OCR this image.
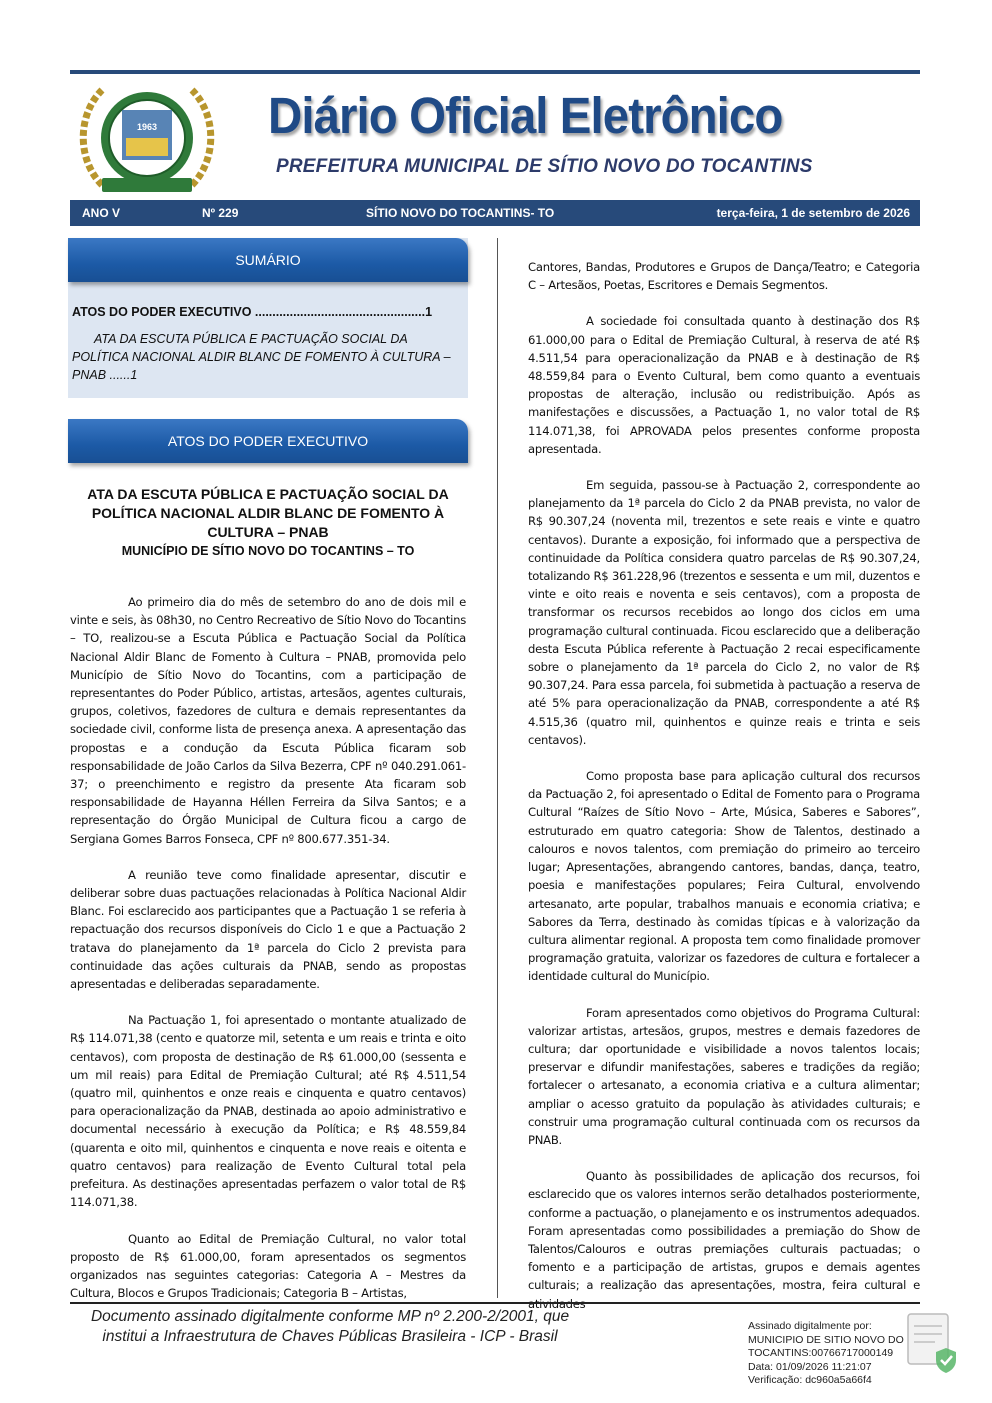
1963 Diário Oficial Eletrônico
PREFEITURA MUNICIPAL DE SÍTIO NOVO DO TOCANTINS
ANO V	Nº 229	SÍTIO NOVO DO TOCANTINS- TO	terça-feira, 1 de setembro de 2026
SUMÁRIO
ATOS DO PODER EXECUTIVO .................................................1
ATA DA ESCUTA PÚBLICA E PACTUAÇÃO SOCIAL DA POLÍTICA NACIONAL ALDIR BLANC DE FOMENTO À CULTURA – PNAB ......1
ATOS DO PODER EXECUTIVO
ATA DA ESCUTA PÚBLICA E PACTUAÇÃO SOCIAL DA POLÍTICA NACIONAL ALDIR BLANC DE FOMENTO À CULTURA – PNAB
MUNICÍPIO DE SÍTIO NOVO DO TOCANTINS – TO

Ao primeiro dia do mês de setembro do ano de dois mil e vinte e seis, às 08h30, no Centro Recreativo de Sítio Novo do Tocantins – TO, realizou-se a Escuta Pública e Pactuação Social da Política Nacional Aldir Blanc de Fomento à Cultura – PNAB, promovida pelo Município de Sítio Novo do Tocantins, com a participação de representantes do Poder Público, artistas, artesãos, agentes culturais, grupos, coletivos, fazedores de cultura e demais representantes da sociedade civil, conforme lista de presença anexa. A apresentação das propostas e a condução da Escuta Pública ficaram sob responsabilidade de João Carlos da Silva Bezerra, CPF nº 040.291.061-37; o preenchimento e registro da presente Ata ficaram sob responsabilidade de Hayanna Héllen Ferreira da Silva Santos; e a representação do Órgão Municipal de Cultura ficou a cargo de Sergiana Gomes Barros Fonseca, CPF nº 800.677.351-34.

A reunião teve como finalidade apresentar, discutir e deliberar sobre duas pactuações relacionadas à Política Nacional Aldir Blanc. Foi esclarecido aos participantes que a Pactuação 1 se referia à repactuação dos recursos disponíveis do Ciclo 1 e que a Pactuação 2 tratava do planejamento da 1ª parcela do Ciclo 2 prevista para continuidade das ações culturais da PNAB, sendo as propostas apresentadas e deliberadas separadamente.

Na Pactuação 1, foi apresentado o montante atualizado de R$ 114.071,38 (cento e quatorze mil, setenta e um reais e trinta e oito centavos), com proposta de destinação de R$ 61.000,00 (sessenta e um mil reais) para Edital de Premiação Cultural; até R$ 4.511,54 (quatro mil, quinhentos e onze reais e cinquenta e quatro centavos) para operacionalização da PNAB, destinada ao apoio administrativo e documental necessário à execução da Política; e R$ 48.559,84 (quarenta e oito mil, quinhentos e cinquenta e nove reais e oitenta e quatro centavos) para realização de Evento Cultural total pela prefeitura. As destinações apresentadas perfazem o valor total de R$ 114.071,38.

Quanto ao Edital de Premiação Cultural, no valor total proposto de R$ 61.000,00, foram apresentados os segmentos organizados nas seguintes categorias: Categoria A – Mestres da Cultura, Blocos e Grupos Tradicionais; Categoria B – Artistas,

Cantores, Bandas, Produtores e Grupos de Dança/Teatro; e Categoria C – Artesãos, Poetas, Escritores e Demais Segmentos.

A sociedade foi consultada quanto à destinação dos R$ 61.000,00 para o Edital de Premiação Cultural, à reserva de até R$ 4.511,54 para operacionalização da PNAB e à destinação de R$ 48.559,84 para o Evento Cultural, bem como quanto a eventuais propostas de alteração, inclusão ou redistribuição. Após as manifestações e discussões, a Pactuação 1, no valor total de R$ 114.071,38, foi APROVADA pelos presentes conforme proposta apresentada.

Em seguida, passou-se à Pactuação 2, correspondente ao planejamento da 1ª parcela do Ciclo 2 da PNAB prevista, no valor de R$ 90.307,24 (noventa mil, trezentos e sete reais e vinte e quatro centavos). Durante a exposição, foi informado que a perspectiva de continuidade da Política considera quatro parcelas de R$ 90.307,24, totalizando R$ 361.228,96 (trezentos e sessenta e um mil, duzentos e vinte e oito reais e noventa e seis centavos), com a proposta de transformar os recursos recebidos ao longo dos ciclos em uma programação cultural continuada. Ficou esclarecido que a deliberação desta Escuta Pública referente à Pactuação 2 recai especificamente sobre o planejamento da 1ª parcela do Ciclo 2, no valor de R$ 90.307,24. Para essa parcela, foi submetida à pactuação a reserva de até 5% para operacionalização da PNAB, correspondente a até R$ 4.515,36 (quatro mil, quinhentos e quinze reais e trinta e seis centavos).

Como proposta base para aplicação cultural dos recursos da Pactuação 2, foi apresentado o Edital de Fomento para o Programa Cultural “Raízes de Sítio Novo – Arte, Música, Saberes e Sabores”, estruturado em quatro categoria: Show de Talentos, destinado a calouros e novos talentos, com premiação do primeiro ao terceiro lugar; Apresentações, abrangendo cantores, bandas, dança, teatro, poesia e manifestações populares; Feira Cultural, envolvendo artesanato, arte popular, trabalhos manuais e economia criativa; e Sabores da Terra, destinado às comidas típicas e à valorização da cultura alimentar regional. A proposta tem como finalidade promover programação gratuita, valorizar os fazedores de cultura e fortalecer a identidade cultural do Município.

Foram apresentados como objetivos do Programa Cultural: valorizar artistas, artesãos, grupos, mestres e demais fazedores de cultura; dar oportunidade e visibilidade a novos talentos locais; preservar e difundir manifestações, saberes e tradições da região; fortalecer o artesanato, a economia criativa e a cultura alimentar; ampliar o acesso gratuito da população às atividades culturais; e construir uma programação cultural continuada com os recursos da PNAB.

Quanto às possibilidades de aplicação dos recursos, foi esclarecido que os valores internos serão detalhados posteriormente, conforme a pactuação, o planejamento e os instrumentos adequados. Foram apresentadas como possibilidades a premiação do Show de Talentos/Calouros e outras premiações culturais pactuadas; o fomento e a participação de artistas, grupos e demais agentes culturais; a realização das apresentações, mostra, feira cultural e

Documento assinado digitalmente conforme MP nº 2.200-2/2001, que
institui a Infraestrutura de Chaves Públicas Brasileira - ICP - Brasil
Assinado digitalmente por:
MUNICIPIO DE SITIO NOVO DO
TOCANTINS:00766717000149
Data: 01/09/2026 11:21:07
Verificação: dc960a5a66f4
